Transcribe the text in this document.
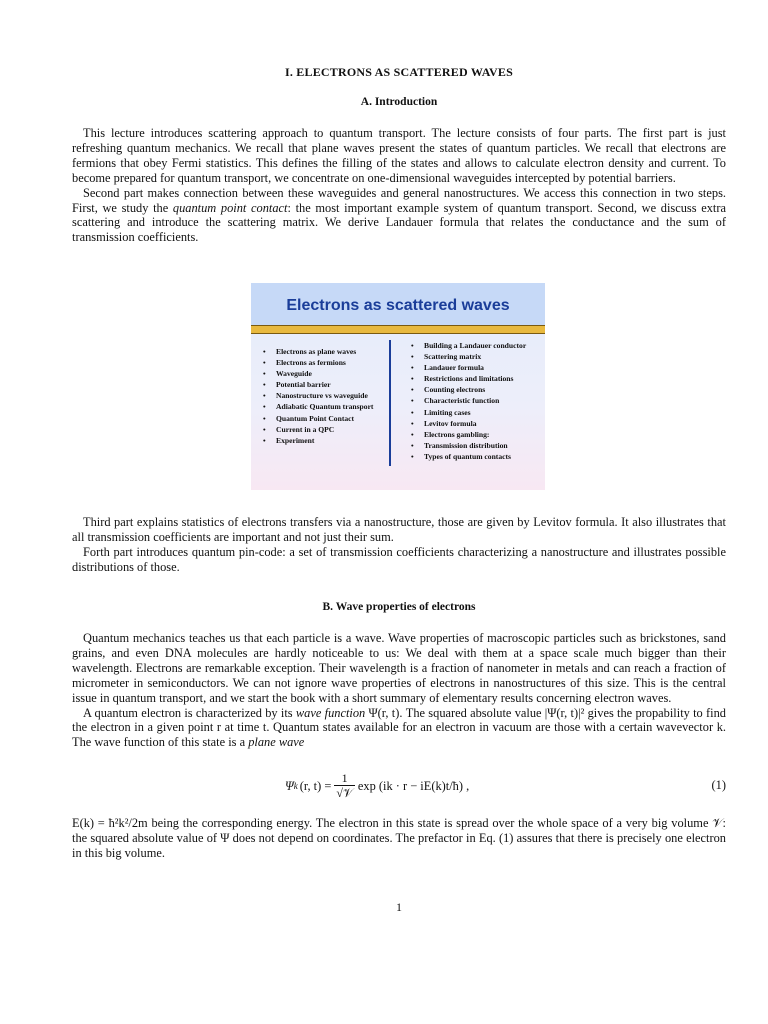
I. ELECTRONS AS SCATTERED WAVES
A. Introduction

This lecture introduces scattering approach to quantum transport. The lecture consists of four parts. The first part is just refreshing quantum mechanics. We recall that plane waves present the states of quantum particles. We recall that electrons are fermions that obey Fermi statistics. This defines the filling of the states and allows to calculate electron density and current. To become prepared for quantum transport, we concentrate on one-dimensional waveguides intercepted by potential barriers.

Second part makes connection between these waveguides and general nanostructures. We access this connection in two steps. First, we study the quantum point contact: the most important example system of quantum transport. Second, we discuss extra scattering and introduce the scattering matrix. We derive Landauer formula that relates the conductance and the sum of transmission coefficients.

Third part explains statistics of electrons transfers via a nanostructure, those are given by Levitov formula. It also illustrates that all transmission coefficients are important and not just their sum.

Forth part introduces quantum pin-code: a set of transmission coefficients characterizing a nanostructure and illustrates possible distributions of those.

B. Wave properties of electrons

Quantum mechanics teaches us that each particle is a wave. Wave properties of macroscopic particles such as brickstones, sand grains, and even DNA molecules are hardly noticeable to us: We deal with them at a space scale much bigger than their wavelength. Electrons are remarkable exception. Their wavelength is a fraction of nanometer in metals and can reach a fraction of micrometer in semiconductors. We can not ignore wave properties of electrons in nanostructures of this size. This is the central issue in quantum transport, and we start the book with a short summary of elementary results concerning electron waves.

A quantum electron is characterized by its wave function Ψ(r, t). The squared absolute value |Ψ(r, t)|² gives the propability to find the electron in a given point r at time t. Quantum states available for an electron in vacuum are those with a certain wavevector k. The wave function of this state is a plane wave

Ψ k (r, $t) = \frac{1}{\text{√𝒱}}$ exp (ik · r − iE(k)t/ħ) ,	(1)

E(k) = ħ²k²/2m being the corresponding energy. The electron in this state is spread over the whole space of a very big volume 𝒱: the squared absolute value of Ψ does not depend on coordinates. The prefactor in Eq. (1) assures that there is precisely one electron in this big volume.

1
Electrons as scattered waves
• Electrons as plane waves
• Electrons as fermions
• Waveguide
• Potential barrier
• Nanostructure vs waveguide
• Adiabatic Quantum transport
• Quantum Point Contact
• Current in a QPC
• Experiment
• Building a Landauer conductor
• Scattering matrix
• Landauer formula
• Restrictions and limitations
• Counting electrons
• Characteristic function
• Limiting cases
• Levitov formula
• Electrons gambling:
• Transmission distribution
• Types of quantum contacts
